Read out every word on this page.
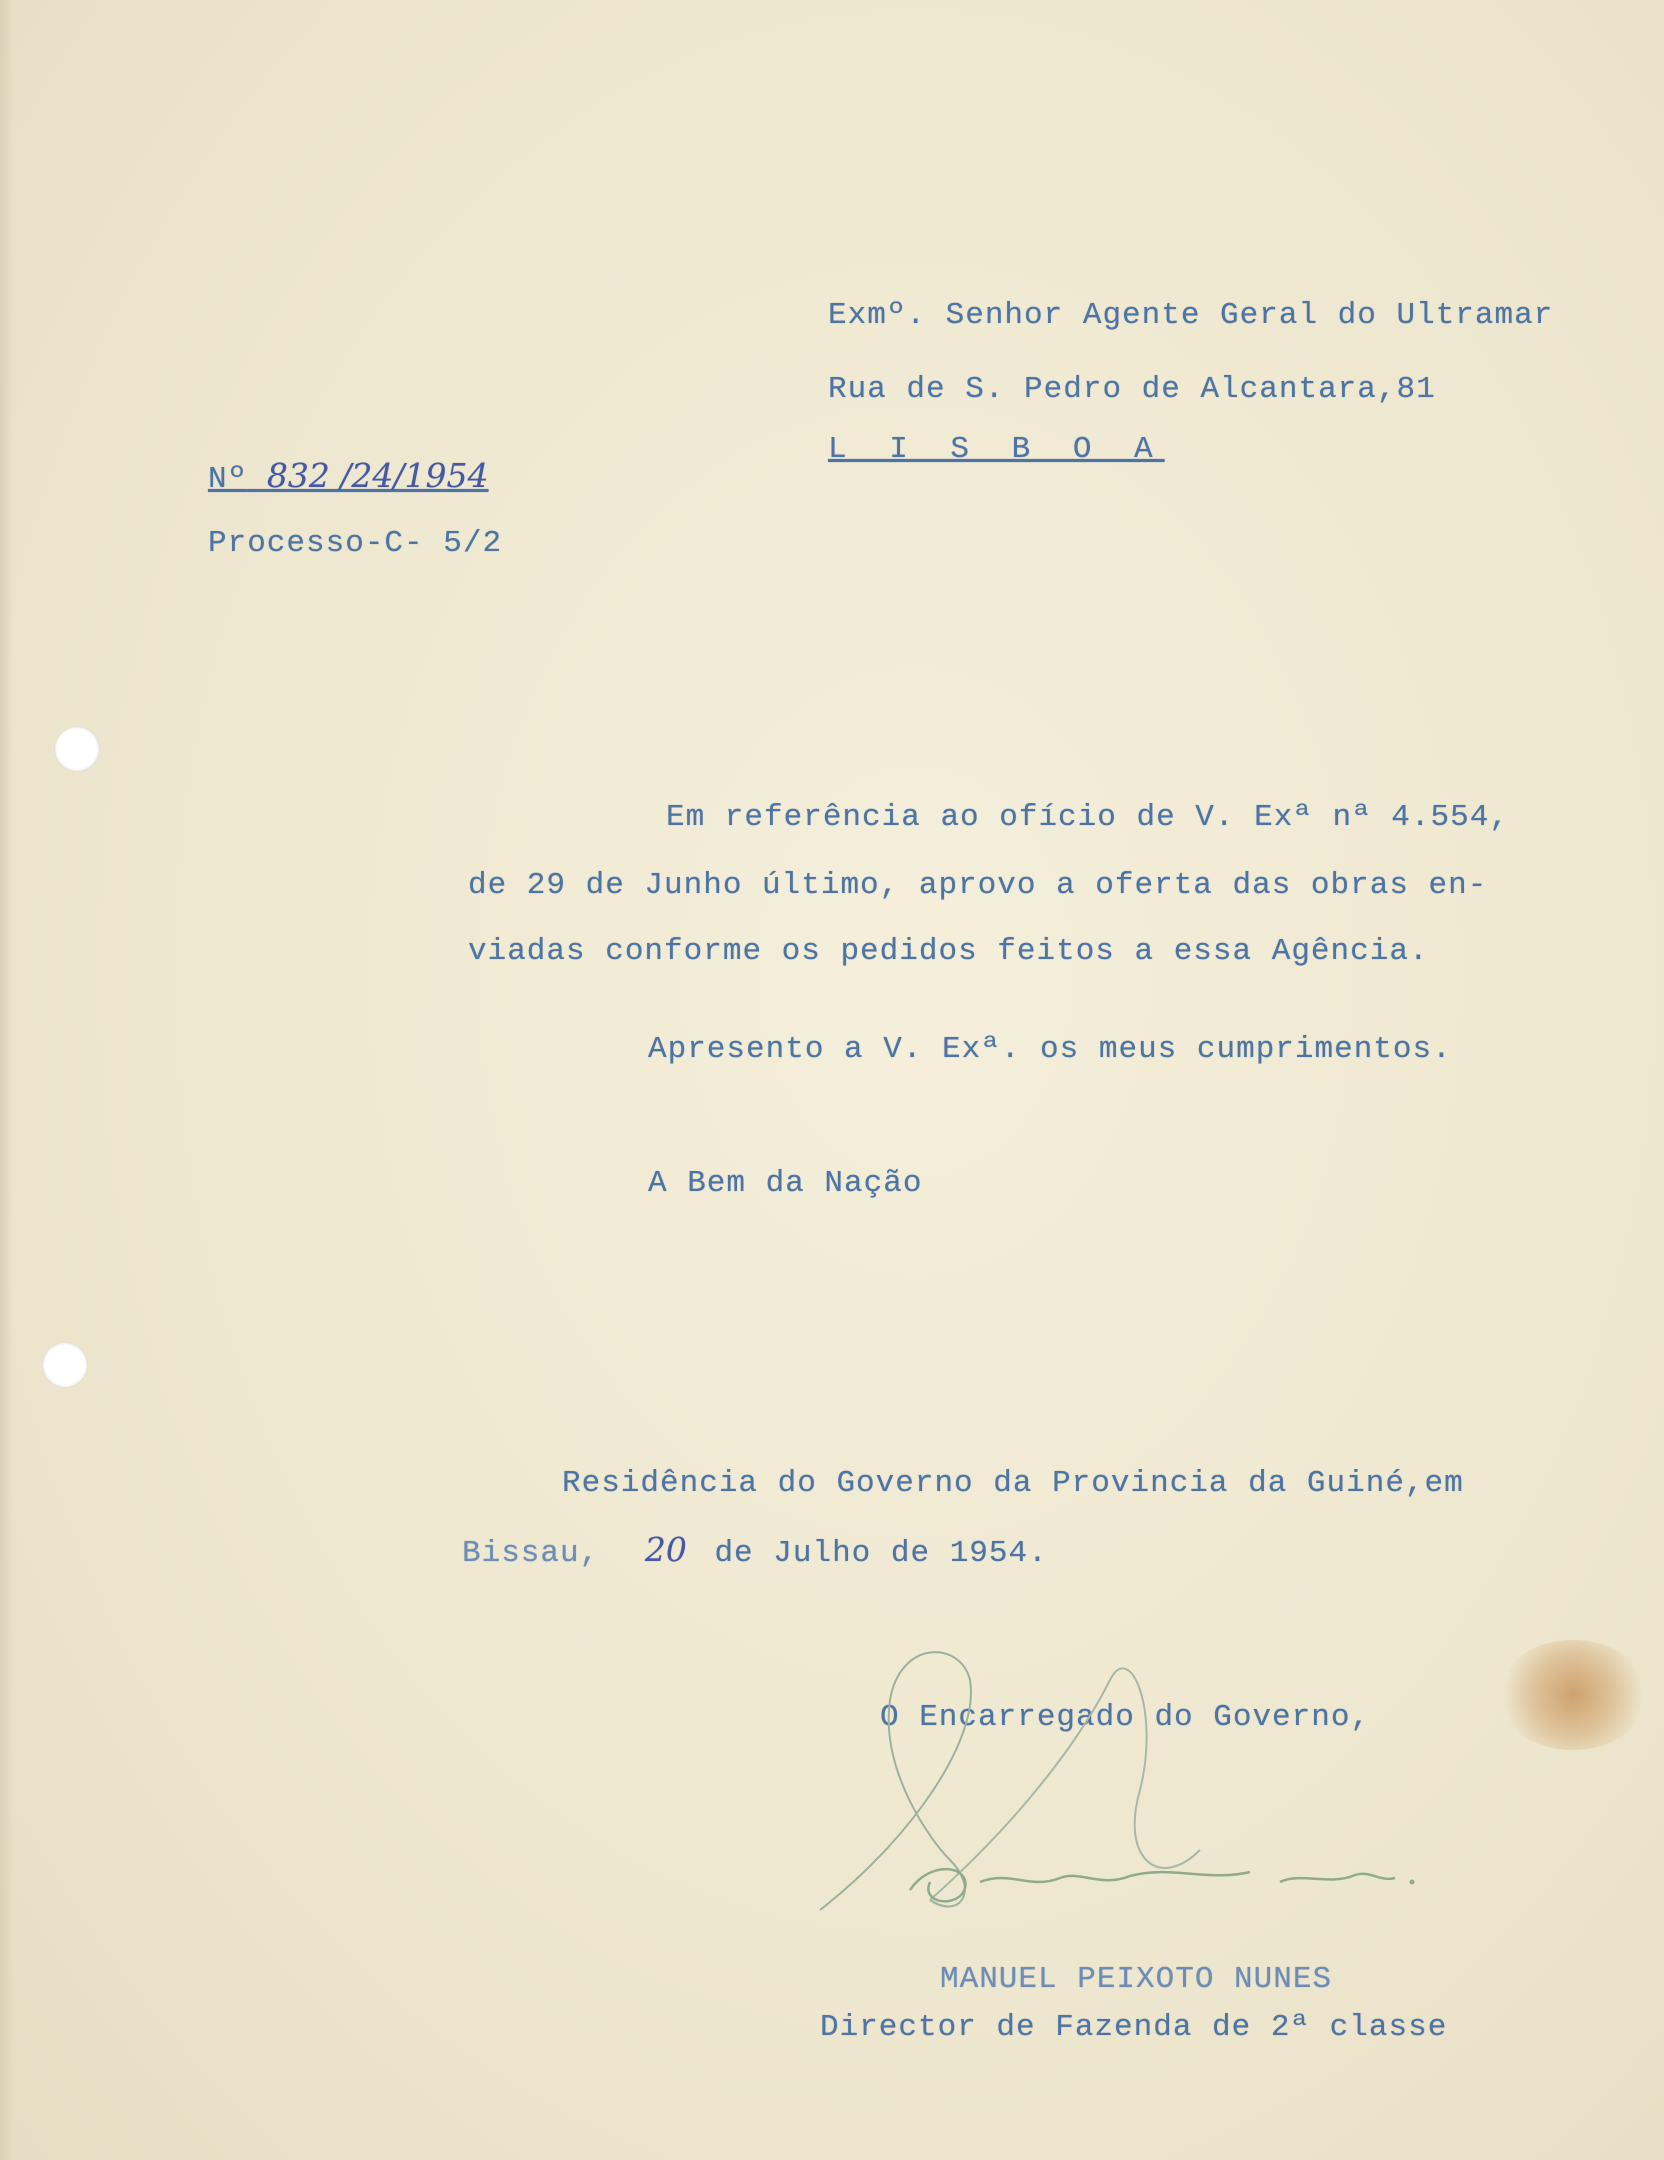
Exmº. Senhor Agente Geral do Ultramar

Rua de S. Pedro de Alcantara,81

L I S B O A

Nº 832 /24/1954

Processo-C- 5/2

Em referência ao ofício de V. Exª nª 4.554,

de 29 de Junho último, aprovo a oferta das obras en-

viadas conforme os pedidos feitos a essa Agência.

Apresento a V. Exª. os meus cumprimentos.

A Bem da Nação

Residência do Governo da Provincia da Guiné,em

Bissau, 20 de Julho de 1954.

O Encarregado do Governo,

MANUEL PEIXOTO NUNES

Director de Fazenda de 2ª classe
